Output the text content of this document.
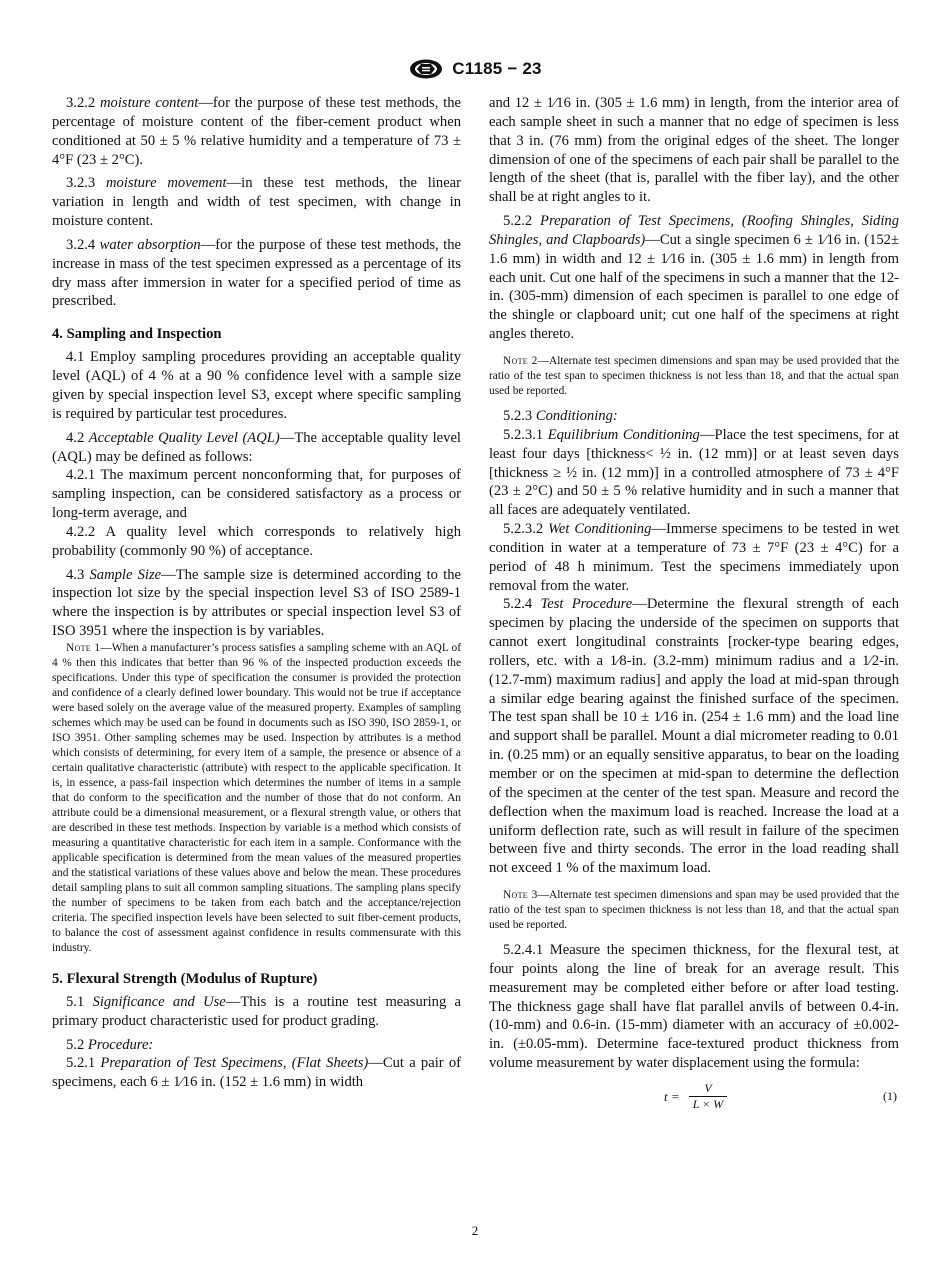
C1185 − 23

3.2.2 moisture content—for the purpose of these test methods, the percentage of moisture content of the fiber-cement product when conditioned at 50 ± 5 % relative humidity and a temperature of 73 ± 4°F (23 ± 2°C).

3.2.3 moisture movement—in these test methods, the linear variation in length and width of test specimen, with change in moisture content.

3.2.4 water absorption—for the purpose of these test methods, the increase in mass of the test specimen expressed as a percentage of its dry mass after immersion in water for a specified period of time as prescribed.

4. Sampling and Inspection

4.1 Employ sampling procedures providing an acceptable quality level (AQL) of 4 % at a 90 % confidence level with a sample size given by special inspection level S3, except where specific sampling is required by particular test procedures.

4.2 Acceptable Quality Level (AQL)—The acceptable quality level (AQL) may be defined as follows:

4.2.1 The maximum percent nonconforming that, for purposes of sampling inspection, can be considered satisfactory as a process or long-term average, and

4.2.2 A quality level which corresponds to relatively high probability (commonly 90 %) of acceptance.

4.3 Sample Size—The sample size is determined according to the inspection lot size by the special inspection level S3 of ISO 2589-1 where the inspection is by attributes or special inspection level S3 of ISO 3951 where the inspection is by variables.

Note 1—When a manufacturer’s process satisfies a sampling scheme with an AQL of 4 % then this indicates that better than 96 % of the inspected production exceeds the specifications. Under this type of specification the consumer is provided the protection and confidence of a clearly defined lower boundary. This would not be true if acceptance were based solely on the average value of the measured property. Examples of sampling schemes which may be used can be found in documents such as ISO 390, ISO 2859-1, or ISO 3951. Other sampling schemes may be used. Inspection by attributes is a method which consists of determining, for every item of a sample, the presence or absence of a certain qualitative characteristic (attribute) with respect to the applicable specification. It is, in essence, a pass-fail inspection which determines the number of items in a sample that do conform to the specification and the number of those that do not conform. An attribute could be a dimensional measurement, or a flexural strength value, or others that are described in these test methods. Inspection by variable is a method which consists of measuring a quantitative characteristic for each item in a sample. Conformance with the applicable specification is determined from the mean values of the measured properties and the statistical variations of these values above and below the mean. These procedures detail sampling plans to suit all common sampling situations. The sampling plans specify the number of specimens to be taken from each batch and the acceptance/rejection criteria. The specified inspection levels have been selected to suit fiber-cement products, to balance the cost of assessment against confidence in results commensurate with this industry.

5. Flexural Strength (Modulus of Rupture)

5.1 Significance and Use—This is a routine test measuring a primary product characteristic used for product grading.

5.2 Procedure:

5.2.1 Preparation of Test Specimens, (Flat Sheets)—Cut a pair of specimens, each 6 ± 1⁄16 in. (152 ± 1.6 mm) in width

and 12 ± 1⁄16 in. (305 ± 1.6 mm) in length, from the interior area of each sample sheet in such a manner that no edge of specimen is less that 3 in. (76 mm) from the original edges of the sheet. The longer dimension of one of the specimens of each pair shall be parallel to the length of the sheet (that is, parallel with the fiber lay), and the other shall be at right angles to it.

5.2.2 Preparation of Test Specimens, (Roofing Shingles, Siding Shingles, and Clapboards)—Cut a single specimen 6 ± 1⁄16 in. (152± 1.6 mm) in width and 12 ± 1⁄16 in. (305 ± 1.6 mm) in length from each unit. Cut one half of the specimens in such a manner that the 12-in. (305-mm) dimension of each specimen is parallel to one edge of the shingle or clapboard unit; cut one half of the specimens at right angles thereto.

Note 2—Alternate test specimen dimensions and span may be used provided that the ratio of the test span to specimen thickness is not less than 18, and that the actual span used be reported.

5.2.3 Conditioning:

5.2.3.1 Equilibrium Conditioning—Place the test specimens, for at least four days [thickness< ½ in. (12 mm)] or at least seven days [thickness ≥ ½ in. (12 mm)] in a controlled atmosphere of 73 ± 4°F (23 ± 2°C) and 50 ± 5 % relative humidity and in such a manner that all faces are adequately ventilated.

5.2.3.2 Wet Conditioning—Immerse specimens to be tested in wet condition in water at a temperature of 73 ± 7°F (23 ± 4°C) for a period of 48 h minimum. Test the specimens immediately upon removal from the water.

5.2.4 Test Procedure—Determine the flexural strength of each specimen by placing the underside of the specimen on supports that cannot exert longitudinal constraints [rocker-type bearing edges, rollers, etc. with a 1⁄8-in. (3.2-mm) minimum radius and a 1⁄2-in. (12.7-mm) maximum radius] and apply the load at mid-span through a similar edge bearing against the finished surface of the specimen. The test span shall be 10 ± 1⁄16 in. (254 ± 1.6 mm) and the load line and support shall be parallel. Mount a dial micrometer reading to 0.01 in. (0.25 mm) or an equally sensitive apparatus, to bear on the loading member or on the specimen at mid-span to determine the deflection of the specimen at the center of the test span. Measure and record the deflection when the maximum load is reached. Increase the load at a uniform deflection rate, such as will result in failure of the specimen between five and thirty seconds. The error in the load reading shall not exceed 1 % of the maximum load.

Note 3—Alternate test specimen dimensions and span may be used provided that the ratio of the test span to specimen thickness is not less than 18, and that the actual span used be reported.

5.2.4.1 Measure the specimen thickness, for the flexural test, at four points along the line of break for an average result. This measurement may be completed either before or after load testing. The thickness gage shall have flat parallel anvils of between 0.4-in. (10-mm) and 0.6-in. (15-mm) diameter with an accuracy of ±0.002-in. (±0.05-mm). Determine face-textured product thickness from volume measurement by water displacement using the formula:

$t = \frac{V}{L \times W}$	(1)
2
